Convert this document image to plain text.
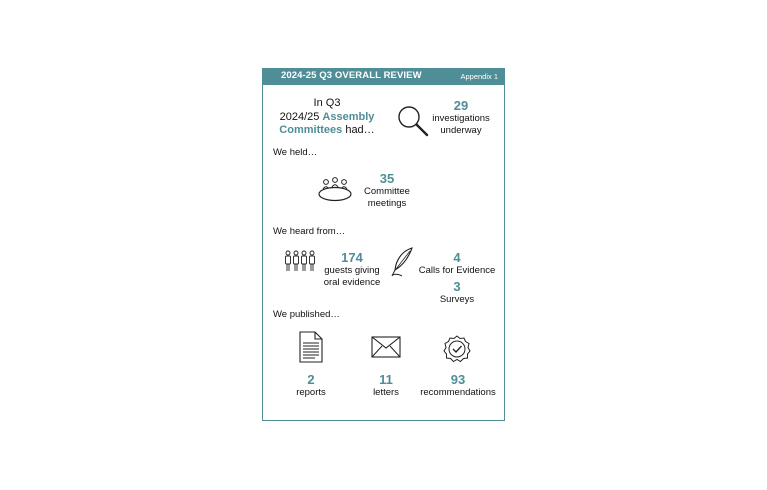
2024-25 Q3 OVERALL REVIEW	Appendix 1
In Q3
2024/25 Assembly
Committees had…
29
investigations
underway
We held…
35
Committee
meetings
We heard from…
174
guests giving
oral evidence
4
Calls for Evidence
3
Surveys
We published…
2
reports
11
letters
93
recommendations
